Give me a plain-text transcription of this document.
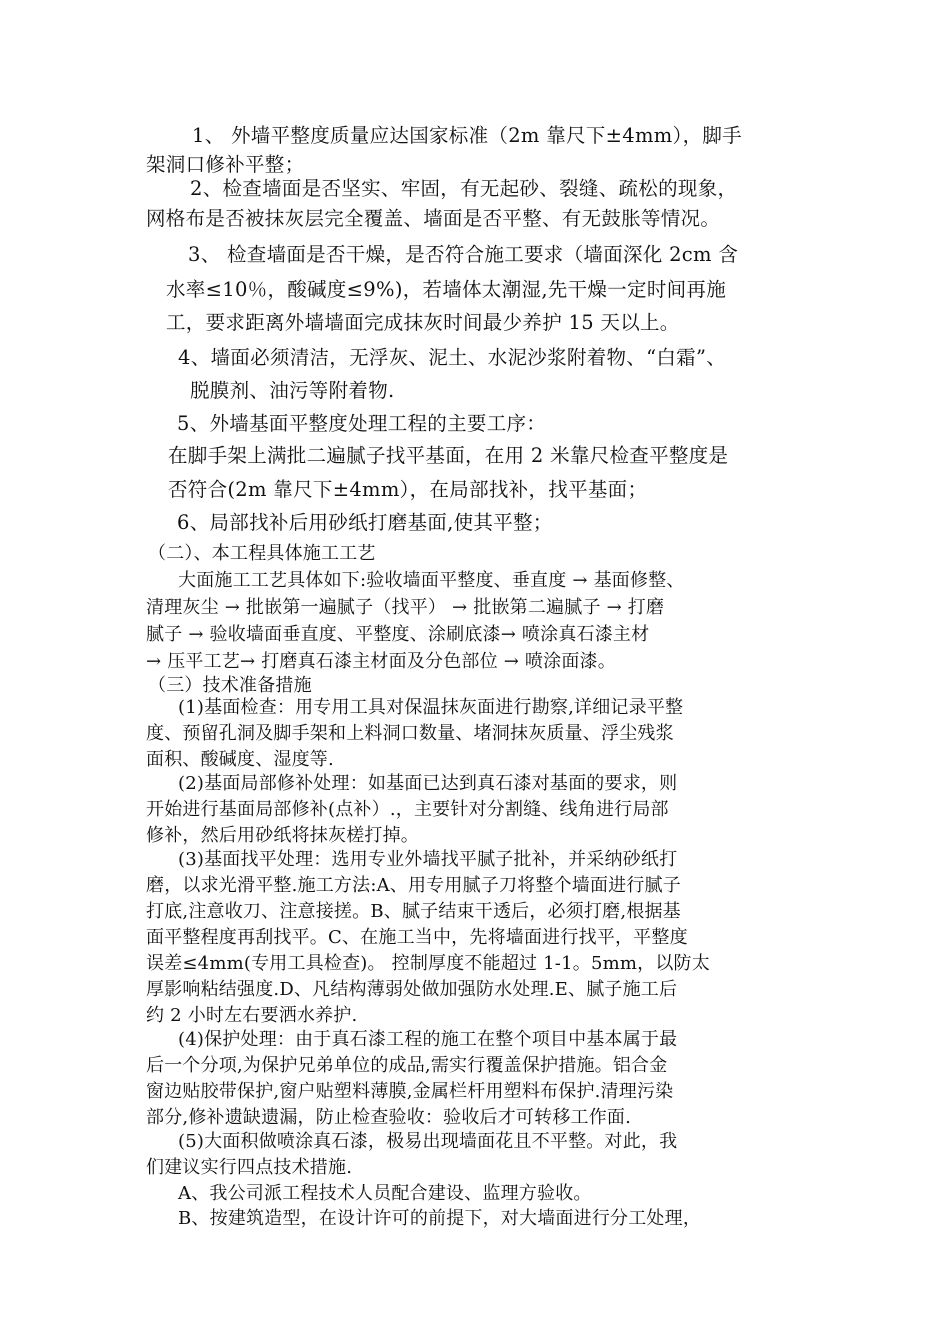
1、 外墙平整度质量应达国家标准（2m 靠尺下±4mm），脚手

架洞口修补平整；

2、检查墙面是否坚实、牢固，有无起砂、裂缝、疏松的现象，

网格布是否被抹灰层完全覆盖、墙面是否平整、有无鼓胀等情况。

3、 检查墙面是否干燥，是否符合施工要求（墙面深化 2cm 含

水率≤10％，酸碱度≤9%)，若墙体太潮湿,先干燥一定时间再施

工，要求距离外墙墙面完成抹灰时间最少养护 15 天以上。

4、墙面必须清洁，无浮灰、泥土、水泥沙浆附着物、“白霜”、

脱膜剂、油污等附着物.

5、外墙基面平整度处理工程的主要工序：

在脚手架上满批二遍腻子找平基面，在用 2 米靠尺检查平整度是

否符合(2m 靠尺下±4mm），在局部找补，找平基面；

6、局部找补后用砂纸打磨基面,使其平整；

（二）、本工程具体施工工艺

大面施工工艺具体如下:验收墙面平整度、垂直度 → 基面修整、

清理灰尘 → 批嵌第一遍腻子（找平） → 批嵌第二遍腻子 → 打磨

腻子 → 验收墙面垂直度、平整度、涂刷底漆→ 喷涂真石漆主材

→ 压平工艺→ 打磨真石漆主材面及分色部位 → 喷涂面漆。

（三）技术准备措施

(1)基面检查：用专用工具对保温抹灰面进行勘察,详细记录平整

度、预留孔洞及脚手架和上料洞口数量、堵洞抹灰质量、浮尘残浆

面积、酸碱度、湿度等.

(2)基面局部修补处理：如基面已达到真石漆对基面的要求，则

开始进行基面局部修补(点补）.，主要针对分割缝、线角进行局部

修补，然后用砂纸将抹灰槎打掉。

(3)基面找平处理：选用专业外墙找平腻子批补，并采纳砂纸打

磨，以求光滑平整.施工方法:A、用专用腻子刀将整个墙面进行腻子

打底,注意收刀、注意接搓。B、腻子结束干透后，必须打磨,根据基

面平整程度再刮找平。C、在施工当中，先将墙面进行找平，平整度

误差≤4mm(专用工具检查)。 控制厚度不能超过 1-1。5mm，以防太

厚影响粘结强度.D、凡结构薄弱处做加强防水处理.E、腻子施工后

约 2 小时左右要洒水养护.

(4)保护处理：由于真石漆工程的施工在整个项目中基本属于最

后一个分项,为保护兄弟单位的成品,需实行覆盖保护措施。铝合金

窗边贴胶带保护,窗户贴塑料薄膜,金属栏杆用塑料布保护.清理污染

部分,修补遗缺遗漏，防止检查验收：验收后才可转移工作面.

(5)大面积做喷涂真石漆，极易出现墙面花且不平整。对此，我

们建议实行四点技术措施.

A、我公司派工程技术人员配合建设、监理方验收。

B、按建筑造型，在设计许可的前提下，对大墙面进行分工处理，
